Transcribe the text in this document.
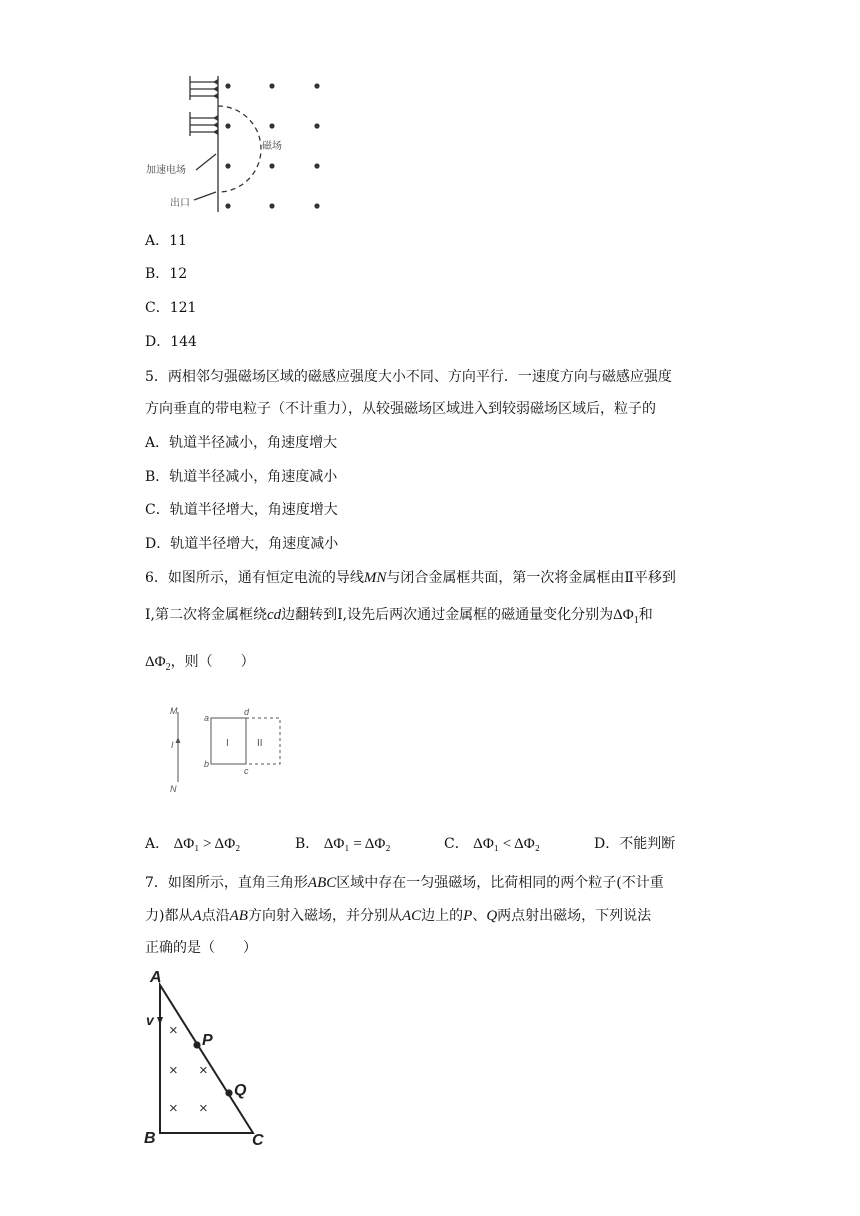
加速电场
出口
磁场
A．11
B．12
C．121
D．144
5．两相邻匀强磁场区域的磁感应强度大小不同、方向平行．一速度方向与磁感应强度
方向垂直的带电粒子（不计重力），从较强磁场区域进入到较弱磁场区域后，粒子的
A．轨道半径减小，角速度增大
B．轨道半径减小，角速度减小
C．轨道半径增大，角速度增大
D．轨道半径增大，角速度减小
6．如图所示，通有恒定电流的导线MN与闭合金属框共面，第一次将金属框由Ⅱ平移到
Ⅰ,第二次将金属框绕cd边翻转到Ⅰ,设先后两次通过金属框的磁通量变化分别为$\Delta\Phi_1$和
$\Delta\Phi_2$，则（　　）
M
I
N
a
d
b
c
I	II
A． ΔΦ₁ > ΔΦ₂	B． ΔΦ₁ = ΔΦ₂	C． ΔΦ₁ < ΔΦ₂	D．不能判断
7．如图所示，直角三角形ABC区域中存在一匀强磁场，比荷相同的两个粒子(不计重
力)都从A点沿AB方向射入磁场，并分别从AC边上的P、Q两点射出磁场，下列说法
正确的是（　　）
×
× ×
× ×
A
B	C
P
Q
v
